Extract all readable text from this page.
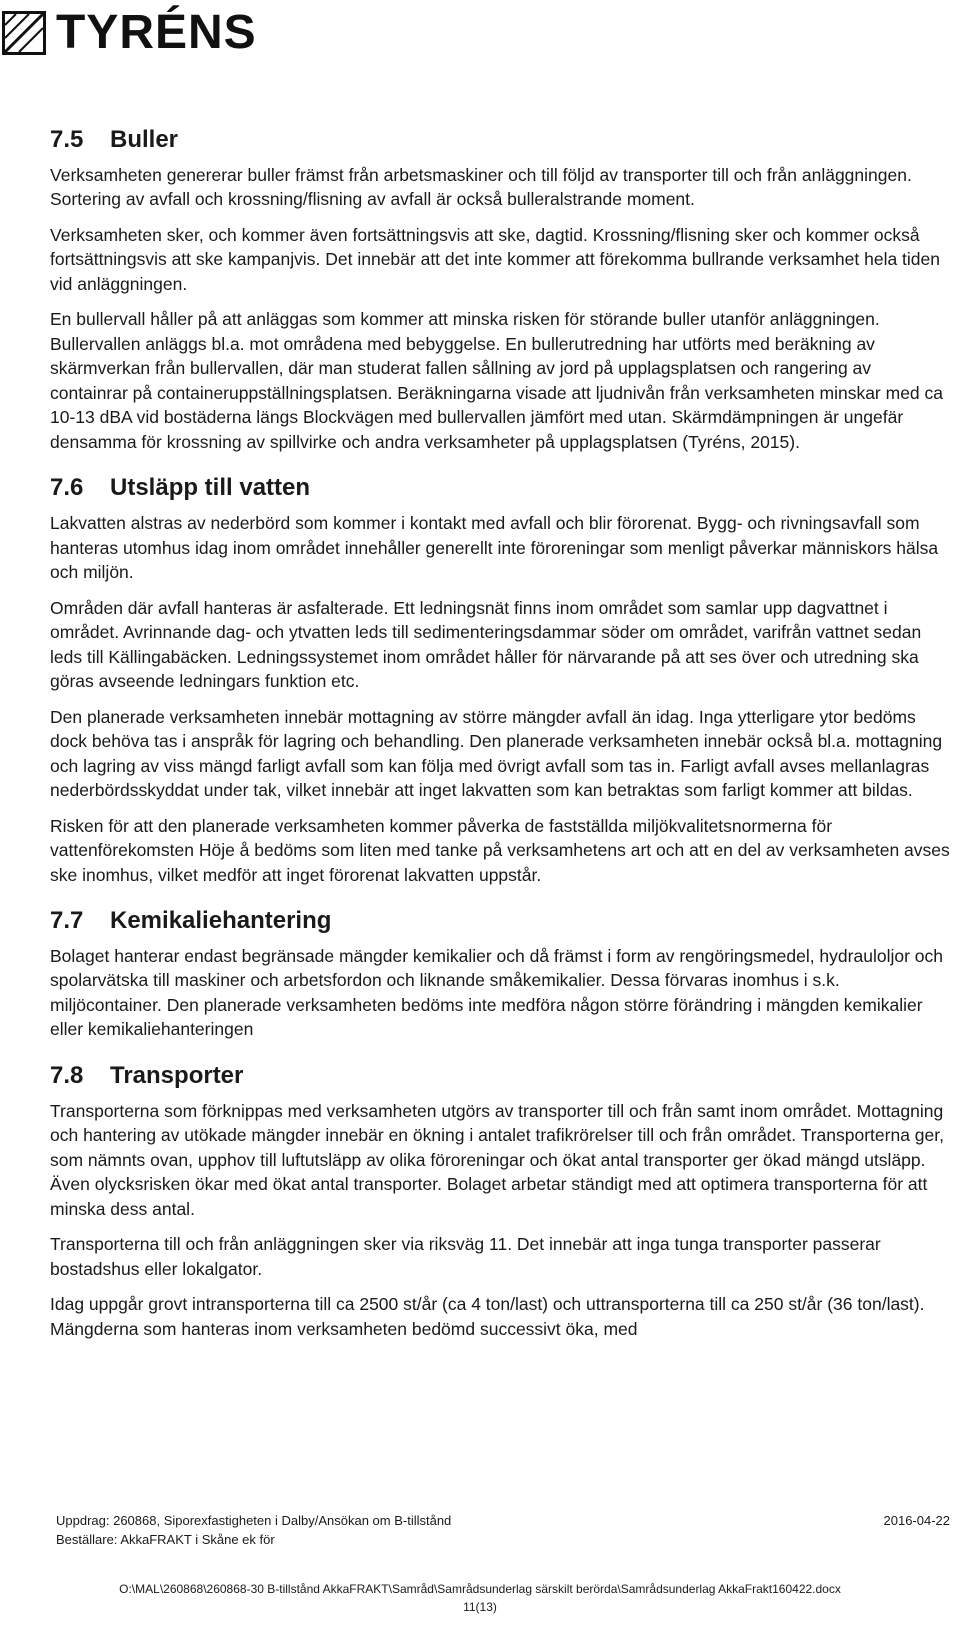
TYRÉNS
7.5	Buller

Verksamheten genererar buller främst från arbetsmaskiner och till följd av transporter till och från anläggningen. Sortering av avfall och krossning/flisning av avfall är också bulleralstrande moment.

Verksamheten sker, och kommer även fortsättningsvis att ske, dagtid. Krossning/flisning sker och kommer också fortsättningsvis att ske kampanjvis. Det innebär att det inte kommer att förekomma bullrande verksamhet hela tiden vid anläggningen.

En bullervall håller på att anläggas som kommer att minska risken för störande buller utanför anläggningen. Bullervallen anläggs bl.a. mot områdena med bebyggelse. En bullerutredning har utförts med beräkning av skärmverkan från bullervallen, där man studerat fallen sållning av jord på upplagsplatsen och rangering av containrar på containeruppställningsplatsen. Beräkningarna visade att ljudnivån från verksamheten minskar med ca 10-13 dBA vid bostäderna längs Blockvägen med bullervallen jämfört med utan. Skärmdämpningen är ungefär densamma för krossning av spillvirke och andra verksamheter på upplagsplatsen (Tyréns, 2015).

7.6	Utsläpp till vatten

Lakvatten alstras av nederbörd som kommer i kontakt med avfall och blir förorenat. Bygg- och rivningsavfall som hanteras utomhus idag inom området innehåller generellt inte föroreningar som menligt påverkar människors hälsa och miljön.

Områden där avfall hanteras är asfalterade. Ett ledningsnät finns inom området som samlar upp dagvattnet i området. Avrinnande dag- och ytvatten leds till sedimenteringsdammar söder om området, varifrån vattnet sedan leds till Källingabäcken. Ledningssystemet inom området håller för närvarande på att ses över och utredning ska göras avseende ledningars funktion etc.

Den planerade verksamheten innebär mottagning av större mängder avfall än idag. Inga ytterligare ytor bedöms dock behöva tas i anspråk för lagring och behandling. Den planerade verksamheten innebär också bl.a. mottagning och lagring av viss mängd farligt avfall som kan följa med övrigt avfall som tas in. Farligt avfall avses mellanlagras nederbördsskyddat under tak, vilket innebär att inget lakvatten som kan betraktas som farligt kommer att bildas.

Risken för att den planerade verksamheten kommer påverka de fastställda miljökvalitetsnormerna för vattenförekomsten Höje å bedöms som liten med tanke på verksamhetens art och att en del av verksamheten avses ske inomhus, vilket medför att inget förorenat lakvatten uppstår.

7.7	Kemikaliehantering

Bolaget hanterar endast begränsade mängder kemikalier och då främst i form av rengöringsmedel, hydrauloljor och spolarvätska till maskiner och arbetsfordon och liknande småkemikalier. Dessa förvaras inomhus i s.k. miljöcontainer. Den planerade verksamheten bedöms inte medföra någon större förändring i mängden kemikalier eller kemikaliehanteringen

7.8	Transporter

Transporterna som förknippas med verksamheten utgörs av transporter till och från samt inom området. Mottagning och hantering av utökade mängder innebär en ökning i antalet trafikrörelser till och från området. Transporterna ger, som nämnts ovan, upphov till luftutsläpp av olika föroreningar och ökat antal transporter ger ökad mängd utsläpp. Även olycksrisken ökar med ökat antal transporter. Bolaget arbetar ständigt med att optimera transporterna för att minska dess antal.

Transporterna till och från anläggningen sker via riksväg 11. Det innebär att inga tunga transporter passerar bostadshus eller lokalgator.

Idag uppgår grovt intransporterna till ca 2500 st/år (ca 4 ton/last) och uttransporterna till ca 250 st/år (36 ton/last). Mängderna som hanteras inom verksamheten bedömd successivt öka, med

Uppdrag: 260868, Siporexfastigheten i Dalby/Ansökan om B-tillstånd	2016-04-22
Beställare: AkkaFRAKT i Skåne ek för
O:\MAL\260868\260868-30 B-tillstånd AkkaFRAKT\Samråd\Samrådsunderlag särskilt berörda\Samrådsunderlag AkkaFrakt160422.docx
11(13)
